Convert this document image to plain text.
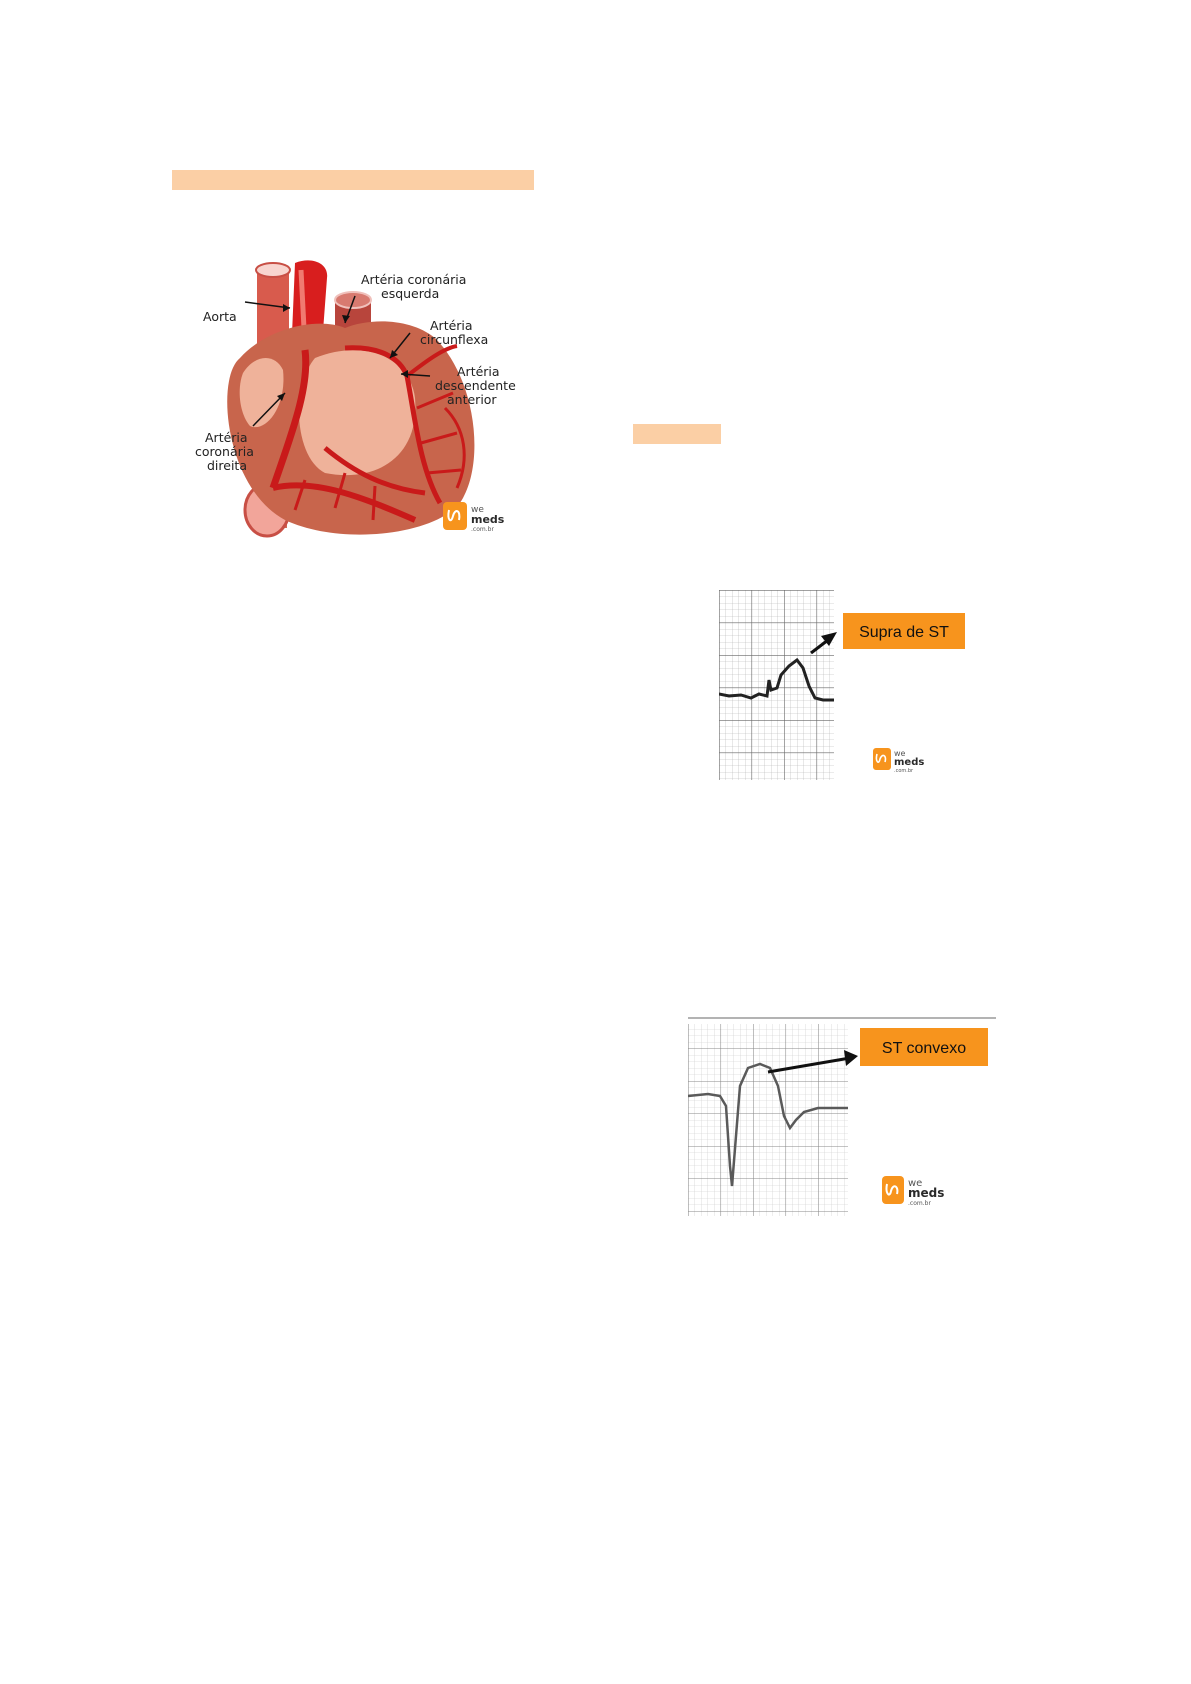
Aorta
Artéria coronária
esquerda
Artéria
circunflexa
Artéria
descendente
anterior
Artéria
coronária
direita
we
meds
.com.br
Supra de ST
we
meds
.com.br
ST convexo
we
meds
.com.br
